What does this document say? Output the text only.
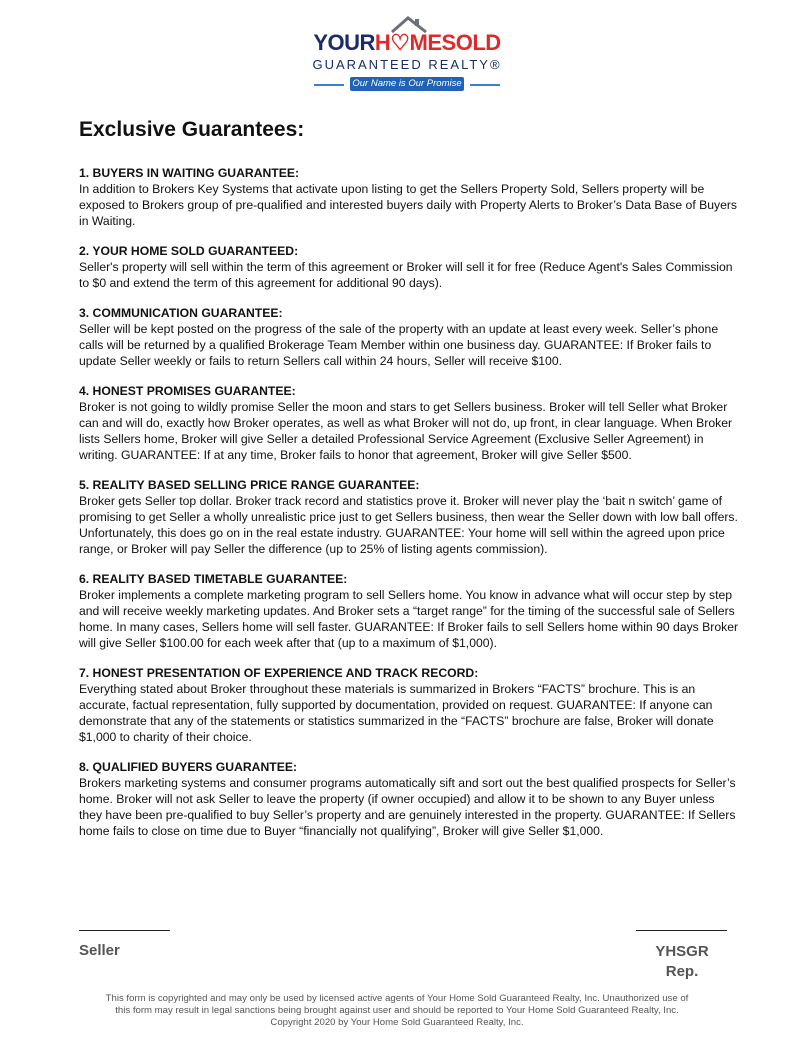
YOURH♡MESOLD
GUARANTEED REALTY®
Our Name is Our Promise
Exclusive Guarantees:
1. BUYERS IN WAITING GUARANTEE:
In addition to Brokers Key Systems that activate upon listing to get the Sellers Property Sold, Sellers property will be exposed to Brokers group of pre-qualified and interested buyers daily with Property Alerts to Broker’s Data Base of Buyers in Waiting.
2. YOUR HOME SOLD GUARANTEED:
Seller's property will sell within the term of this agreement or Broker will sell it for free (Reduce Agent's Sales Commission to $0 and extend the term of this agreement for additional 90 days).
3. COMMUNICATION GUARANTEE:
Seller will be kept posted on the progress of the sale of the property with an update at least every week. Seller’s phone calls will be returned by a qualified Brokerage Team Member within one business day. GUARANTEE: If Broker fails to update Seller weekly or fails to return Sellers call within 24 hours, Seller will receive $100.
4. HONEST PROMISES GUARANTEE:
Broker is not going to wildly promise Seller the moon and stars to get Sellers business. Broker will tell Seller what Broker can and will do, exactly how Broker operates, as well as what Broker will not do, up front, in clear language. When Broker lists Sellers home, Broker will give Seller a detailed Professional Service Agreement (Exclusive Seller Agreement) in writing. GUARANTEE: If at any time, Broker fails to honor that agreement, Broker will give Seller $500.
5. REALITY BASED SELLING PRICE RANGE GUARANTEE:
Broker gets Seller top dollar. Broker track record and statistics prove it. Broker will never play the ‘bait n switch’ game of promising to get Seller a wholly unrealistic price just to get Sellers business, then wear the Seller down with low ball offers. Unfortunately, this does go on in the real estate industry. GUARANTEE: Your home will sell within the agreed upon price range, or Broker will pay Seller the difference (up to 25% of listing agents commission).
6. REALITY BASED TIMETABLE GUARANTEE:
Broker implements a complete marketing program to sell Sellers home. You know in advance what will occur step by step and will receive weekly marketing updates. And Broker sets a “target range” for the timing of the successful sale of Sellers home. In many cases, Sellers home will sell faster. GUARANTEE: If Broker fails to sell Sellers home within 90 days Broker will give Seller $100.00 for each week after that (up to a maximum of $1,000).
7. HONEST PRESENTATION OF EXPERIENCE AND TRACK RECORD:
Everything stated about Broker throughout these materials is summarized in Brokers “FACTS” brochure. This is an accurate, factual representation, fully supported by documentation, provided on request. GUARANTEE: If anyone can demonstrate that any of the statements or statistics summarized in the “FACTS” brochure are false, Broker will donate $1,000 to charity of their choice.
8. QUALIFIED BUYERS GUARANTEE:
Brokers marketing systems and consumer programs automatically sift and sort out the best qualified prospects for Seller’s home. Broker will not ask Seller to leave the property (if owner occupied) and allow it to be shown to any Buyer unless they have been pre-qualified to buy Seller’s property and are genuinely interested in the property. GUARANTEE: If Sellers home fails to close on time due to Buyer “financially not qualifying”, Broker will give Seller $1,000.
Seller	YHSGR
Rep.
This form is copyrighted and may only be used by licensed active agents of Your Home Sold Guaranteed Realty, Inc. Unauthorized use of
this form may result in legal sanctions being brought against user and should be reported to Your Home Sold Guaranteed Realty, Inc.
Copyright 2020 by Your Home Sold Guaranteed Realty, Inc.
